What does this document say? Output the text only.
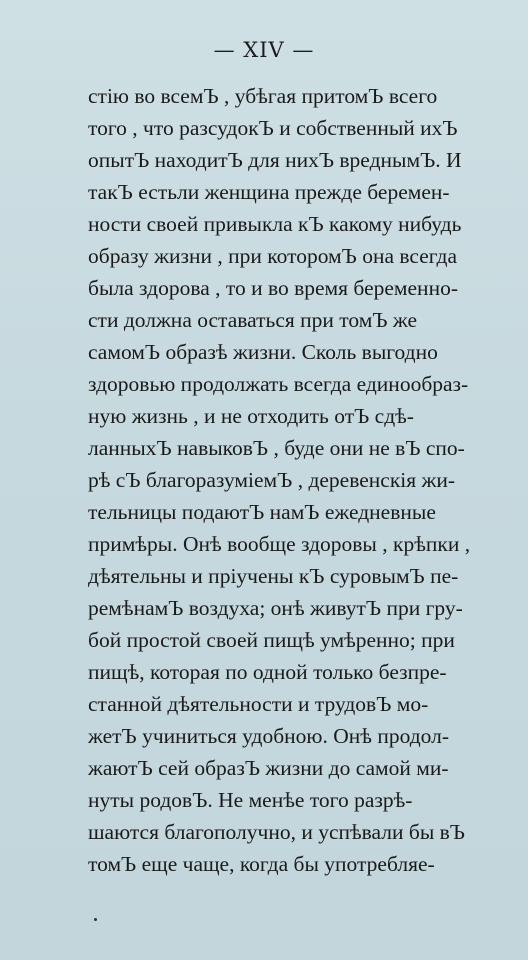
— XIV —
стію во всемЪ , убѣгая притомЪ всего
того , что разсудокЪ и собственный ихЪ
опытЪ находитЪ для нихЪ вреднымЪ. И
такЪ естьли женщина прежде беремен-
ности своей привыкла кЪ какому нибудь
образу жизни , при которомЪ она всегда
была здорова , то и во время беременно-
сти должна оставаться при томЪ же
самомЪ образѣ жизни. Сколь выгодно
здоровью продолжать всегда единообраз-
ную жизнь , и не отходить отЪ сдѣ-
ланныхЪ навыковЪ , буде они не вЪ спо-
рѣ сЪ благоразуміемЪ , деревенскія жи-
тельницы подаютЪ намЪ ежедневные
примѣры. Онѣ вообще здоровы , крѣпки ,
дѣятельны и пріучены кЪ суровымЪ пе-
ремѣнамЪ воздуха; онѣ живутЪ при гру-
бой простой своей пищѣ умѣренно; при
пищѣ, которая по одной только безпре-
станной дѣятельности и трудовЪ мо-
жетЪ учиниться удобною. Онѣ продол-
жаютЪ сей образЪ жизни до самой ми-
нуты родовЪ. Не менѣе того разрѣ-
шаются благополучно, и успѣвали бы вЪ
томЪ еще чаще, когда бы употребляе-
